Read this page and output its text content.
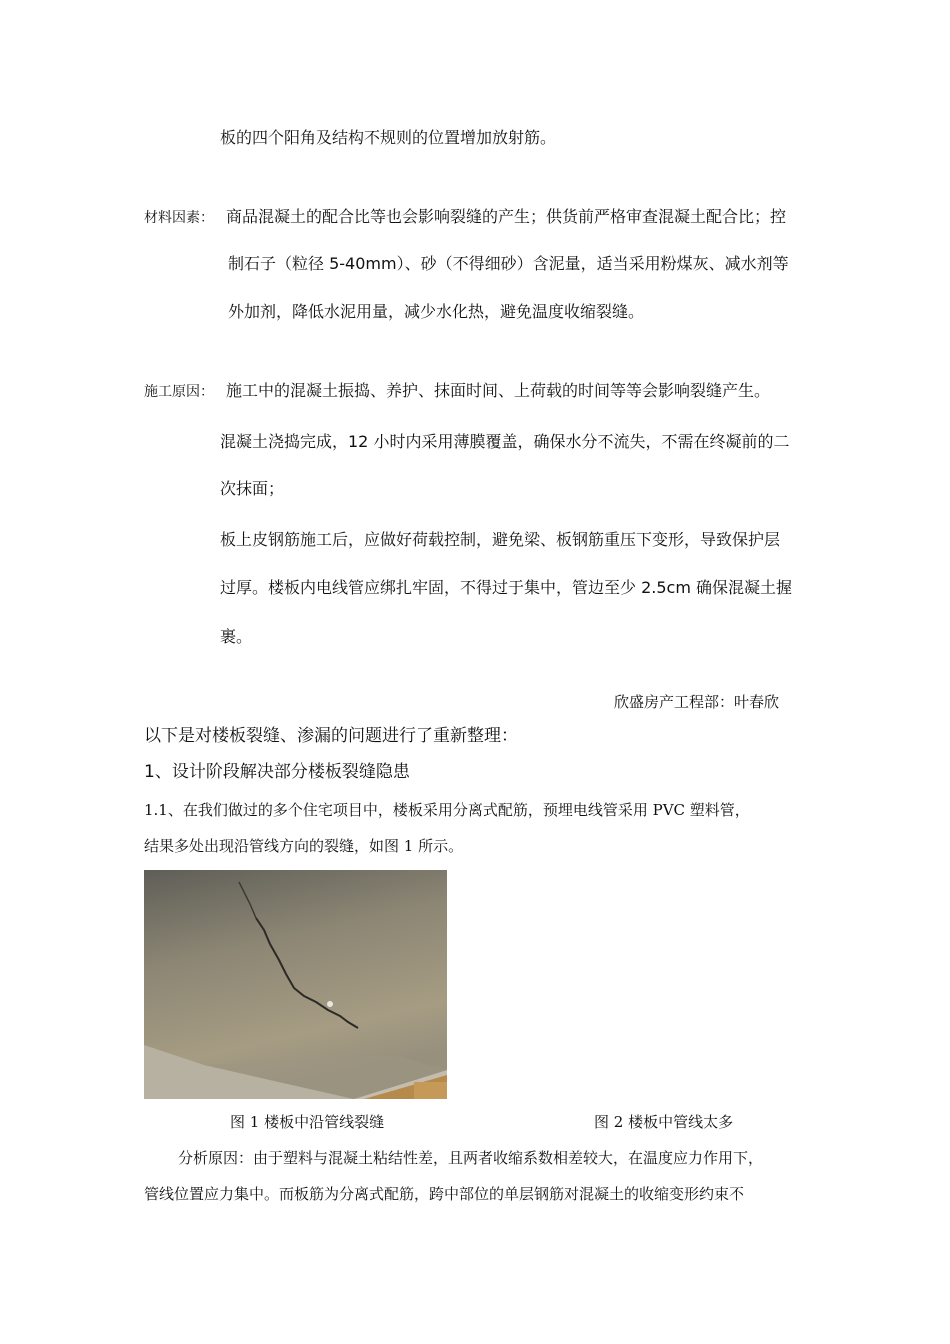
板的四个阳角及结构不规则的位置增加放射筋。
材料因素： 商品混凝土的配合比等也会影响裂缝的产生；供货前严格审查混凝土配合比；控
制石子（粒径 5-40mm）、砂（不得细砂）含泥量，适当采用粉煤灰、减水剂等
外加剂，降低水泥用量，减少水化热，避免温度收缩裂缝。
施工原因： 施工中的混凝土振捣、养护、抹面时间、上荷载的时间等等会影响裂缝产生。
混凝土浇捣完成，12 小时内采用薄膜覆盖，确保水分不流失，不需在终凝前的二
次抹面；
板上皮钢筋施工后，应做好荷载控制，避免梁、板钢筋重压下变形，导致保护层
过厚。楼板内电线管应绑扎牢固，不得过于集中，管边至少 2.5cm 确保混凝土握
裹。
欣盛房产工程部：叶春欣
以下是对楼板裂缝、渗漏的问题进行了重新整理：
1、设计阶段解决部分楼板裂缝隐患
1.1、在我们做过的多个住宅项目中，楼板采用分离式配筋，预埋电线管采用 PVC 塑料管，
结果多处出现沿管线方向的裂缝，如图 1 所示。
图 1 楼板中沿管线裂缝	图 2 楼板中管线太多
分析原因：由于塑料与混凝土粘结性差，且两者收缩系数相差较大，在温度应力作用下，
管线位置应力集中。而板筋为分离式配筋，跨中部位的单层钢筋对混凝土的收缩变形约束不
